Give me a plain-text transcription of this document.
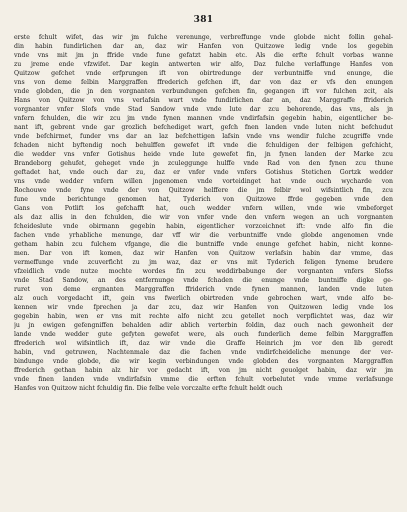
381
erste fchult wifet, das wir jm fulche verenunge, verbreffunge vnde globde nicht follin gehal-
din habin fundirlichen dar an, daz wir Hanfen von Quitzowe ledig vnde los gegebin
vnde vns mit jm jn ffride vnde fune gefatzt habin etc. Als die erfte fchult vorbas wanne
zu jreme ende vfzwifet. Dar kegin antwerten wir alfo, Daz fulche verlaffunge Hanfes von
Quitzow gefchet vnde erfprungen ift von obirtredunge der verbuntniffe vnd enunge, die
vns von deme felbin Marggraffen ffrederich gefchen ift, dar von daz er vfs den enungen
vnde globden, die jn den vorgnanten verbundungen gefchen fin, gegangen ift vor fulchen zcit, als
Hans von Quitzow von vns verlafsin wart vnde fundirlichen dar an, daz Marggraffe ffriderich
vorgnanter vnfer Slofs vnde Stad Sandow vnde vnde lute dar zcu behorende, das vns, als jn
vnfern fchulden, die wir zcu jm vnde fynen mannen vnde vndirfafsin gegebin habin, eigentlicher be-
nant ift, gebrent vnde gar grozlich befchediget wart, gefch fnen landen vnde luten nicht befchudut
vnde befchirmet, funder vns dar an laz befchettigen lafsin vnde vns wendir fulche zcugriffe vnde
fchaden nicht byftendig noch behulffen gewefet ift vnde die fchuldigen der felbigen gefchicht,
die wedder vns vnfer Gotishus heide vnde lute gewefet fin, jn fynen landen der Marke zcu
Brandeborg gehufet, geheget vnde jn zculeggunge hulffe vnde Rad von den fynen zcu thune
geftadet hat, vnde ouch dar zu, daz er vnfer vnde vnfers Gotishus Stetichen Gortzk wedder
vns vnde wedder vnfern willen jngenomen vnde vorteidinget hat vnde ouch wycharde von
Rochouwe vnde fyne vnde der von Quitzow helffere die jm felbir wol wifsintlich fin, zcu
fune vnde berichtunge genomen hat, Tyderich von Quitzowe ffrde gegeben vnde den
Gans von Potlift los gefchafft hat, ouch wedder vnfern willen, vnde wie vmbeforget
als daz allis in den fchulden, die wir von vnfer vnde den vnfern wegen an uch vorgnanten
fcheideslute vnde obirmann gegebin habin, eigentlicher vorzceichnet ift: vnde alfo fin die
fachen vnde yrhabliche menunge, dar vff wir die verbuntniffe vnde globde angenomen vnde
getham habin zcu fulchem vfgange, die die buntniffe vnde enunge gefchet habin, nicht konne-
men. Dar von ift komen, daz wir Hanfen von Quitzow verlafsin habin dar vmme, das
vermeffunge vnde zcuverficht zu jm waz, daz er vns mit Tyderich feligen fyneme brudere
vfzeidlich vnde nutze mochte wordes fin zcu weddirbabunge der vorgnanten vnfers Slofss
vnde Stad Sandow, an des entfernunge vnde fchaden die enunge vnde buntniffe digke ge-
ruret von deme ergnanten Marggraffen ffriderich vnde fynen mannen, landen vnde luten
alz ouch vorgedacht ift, gein vns fwerlich obirtreden vnde gebrochen wart, vnde alfo be-
kennen wir vnde fprechen ja dar zcu, daz wir Hanfen von Quitzowen ledig vnde los
gegebin habin, wen er vns mit rechte alfo nicht zcu getellet noch verpflichtet was, daz wir
ju jn ewigen gefengniffen behalden adir ablich verterbin foldin, daz ouch nach gewonheit der
lande vnde wedder gute gefyten gewefet were, als ouch funderlich deme felbin Marggraffen
ffrederich wol wifsintlich ift, daz wir vnde die Graffe Heinrich jm vor den lib geredt
habin, vnd getruwen, Nachtenmale daz die fachen vnde vndirfcheideliche menunge der ver-
bindunge vnde globde, die wir kegin verbindungen vnde globden des vorgnanten Marggraffen
ffrederich gethan habin alz hir vor gedacht ift, von jm nicht geuolget habin, daz wir jm
vnde finen landen vnde vndirfafsin vmme die erften fchult vorbelutet vnde vmme verlafsunge
Hanfes von Quitzow nicht fchuldig fin. Die felbe vele vorczalte erfte fchult heldt ouch
